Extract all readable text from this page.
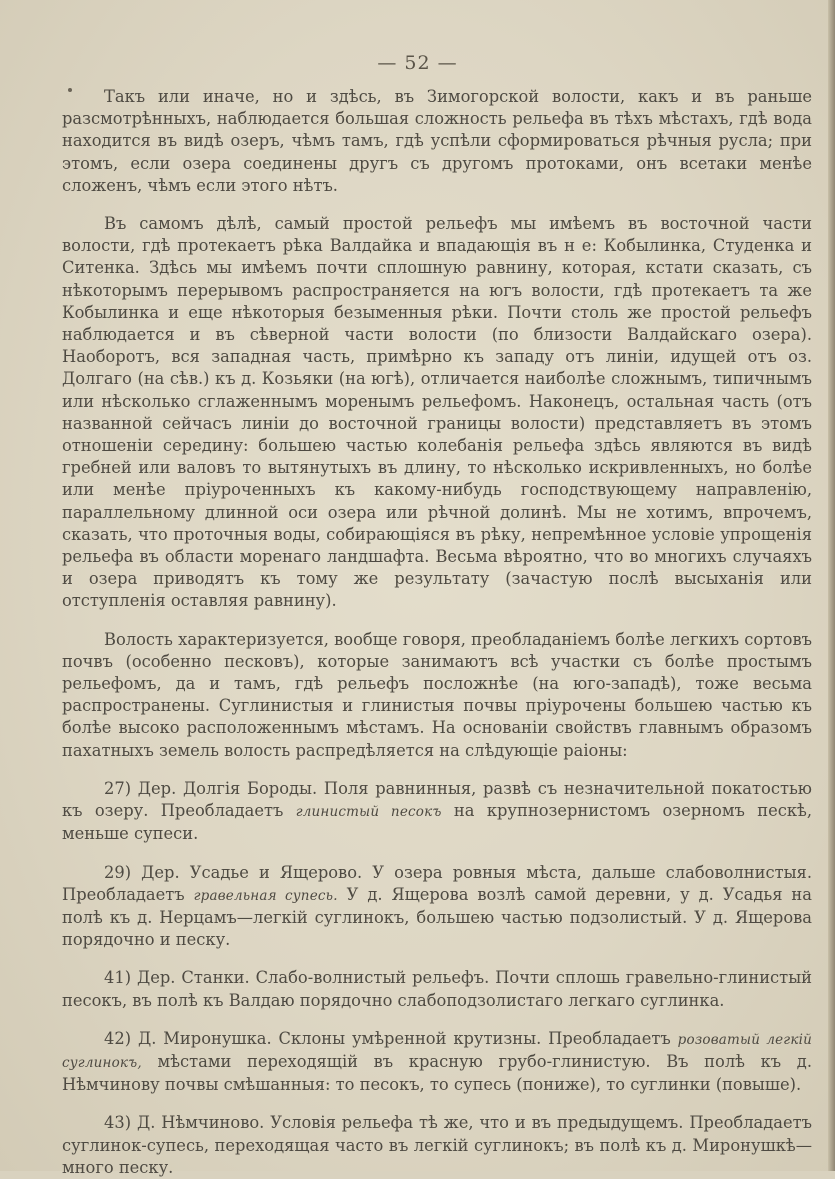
— 52 —

Такъ или иначе, но и здѣсь, въ Зимогорской волости, какъ и въ раньше разсмотрѣнныхъ, наблюдается большая сложность рельефа въ тѣхъ мѣстахъ, гдѣ вода находится въ видѣ озеръ, чѣмъ тамъ, гдѣ успѣли сформироваться рѣчныя русла; при этомъ, если озера соединены другъ съ другомъ протоками, онъ всетаки менѣе сложенъ, чѣмъ если этого нѣтъ.

Въ самомъ дѣлѣ, самый простой рельефъ мы имѣемъ въ восточной части волости, гдѣ протекаетъ рѣка Валдайка и впадающія въ н е: Кобылинка, Студенка и Ситенка. Здѣсь мы имѣемъ почти сплошную равнину, которая, кстати сказать, съ нѣкоторымъ перерывомъ распространяется на югъ волости, гдѣ протекаетъ та же Кобылинка и еще нѣкоторыя безыменныя рѣки. Почти столь же простой рельефъ наблюдается и въ сѣверной части волости (по близости Валдайскаго озера). Наоборотъ, вся западная часть, примѣрно къ западу отъ линіи, идущей отъ оз. Долгаго (на сѣв.) къ д. Козьяки (на югѣ), отличается наиболѣе сложнымъ, типичнымъ или нѣсколько сглаженнымъ моренымъ рельефомъ. Наконецъ, остальная часть (отъ названной сейчасъ линіи до восточной границы волости) представляетъ въ этомъ отношеніи середину: большею частью колебанія рельефа здѣсь являются въ видѣ гребней или валовъ то вытянутыхъ въ длину, то нѣсколько искривленныхъ, но болѣе или менѣе пріуроченныхъ къ какому-нибудь господствующему направленію, параллельному длинной оси озера или рѣчной долинѣ. Мы не хотимъ, впрочемъ, сказать, что проточныя воды, собирающіяся въ рѣку, непремѣнное условіе упрощенія рельефа въ области моренаго ландшафта. Весьма вѣроятно, что во многихъ случаяхъ и озера приводятъ къ тому же результату (зачастую послѣ высыханія или отступленія оставляя равнину).

Волость характеризуется, вообще говоря, преобладаніемъ болѣе легкихъ сортовъ почвъ (особенно песковъ), которые занимаютъ всѣ участки съ болѣе простымъ рельефомъ, да и тамъ, гдѣ рельефъ посложнѣе (на юго-западѣ), тоже весьма распространены. Суглинистыя и глинистыя почвы пріурочены большею частью къ болѣе высоко расположеннымъ мѣстамъ. На основаніи свойствъ главнымъ образомъ пахатныхъ земель волость распредѣляется на слѣдующіе раіоны:

27) Дер. Долгія Бороды. Поля равнинныя, развѣ съ незначительной покатостью къ озеру. Преобладаетъ глинистый песокъ на крупнозернистомъ озерномъ пескѣ, меньше супеси.

29) Дер. Усадье и Ящерово. У озера ровныя мѣста, дальше слабоволнистыя. Преобладаетъ гравельная супесь. У д. Ящерова возлѣ самой деревни, у д. Усадья на полѣ къ д. Нерцамъ—легкій суглинокъ, большею частью подзолистый. У д. Ящерова порядочно и песку.

41) Дер. Станки. Слабо-волнистый рельефъ. Почти сплошь гравельно-глинистый песокъ, въ полѣ къ Валдаю порядочно слабоподзолистаго легкаго суглинка.

42) Д. Миронушка. Склоны умѣренной крутизны. Преобладаетъ розоватый легкій суглинокъ, мѣстами переходящій въ красную грубо-глинистую. Въ полѣ къ д. Нѣмчинову почвы смѣшанныя: то песокъ, то супесь (пониже), то суглинки (повыше).

43) Д. Нѣмчиново. Условія рельефа тѣ же, что и въ предыдущемъ. Преобладаетъ суглинок-супесь, переходящая часто въ легкій суглинокъ; въ полѣ къ д. Миронушкѣ—много песку.
